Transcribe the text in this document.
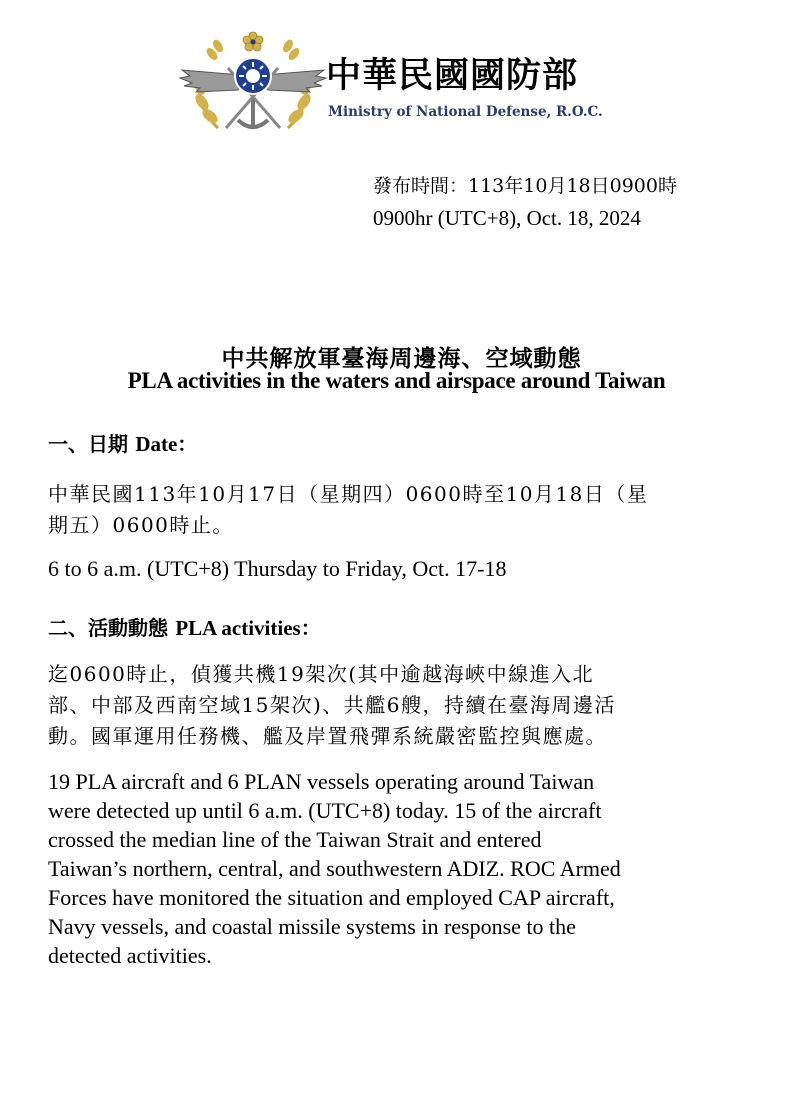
中華民國國防部
Ministry of National Defense, R.O.C.
發布時間：113年10月18日0900時
0900hr (UTC+8), Oct. 18, 2024
中共解放軍臺海周邊海、空域動態
PLA activities in the waters and airspace around Taiwan
一、日期 Date：
中華民國113年10月17日（星期四）0600時至10月18日（星
期五）0600時止。
6 to 6 a.m. (UTC+8) Thursday to Friday, Oct. 17-18
二、活動動態 PLA activities：
迄0600時止，偵獲共機19架次(其中逾越海峽中線進入北
部、中部及西南空域15架次)、共艦6艘，持續在臺海周邊活
動。國軍運用任務機、艦及岸置飛彈系統嚴密監控與應處。
19 PLA aircraft and 6 PLAN vessels operating around Taiwan
were detected up until 6 a.m. (UTC+8) today. 15 of the aircraft
crossed the median line of the Taiwan Strait and entered
Taiwan’s northern, central, and southwestern ADIZ. ROC Armed
Forces have monitored the situation and employed CAP aircraft,
Navy vessels, and coastal missile systems in response to the
detected activities.
